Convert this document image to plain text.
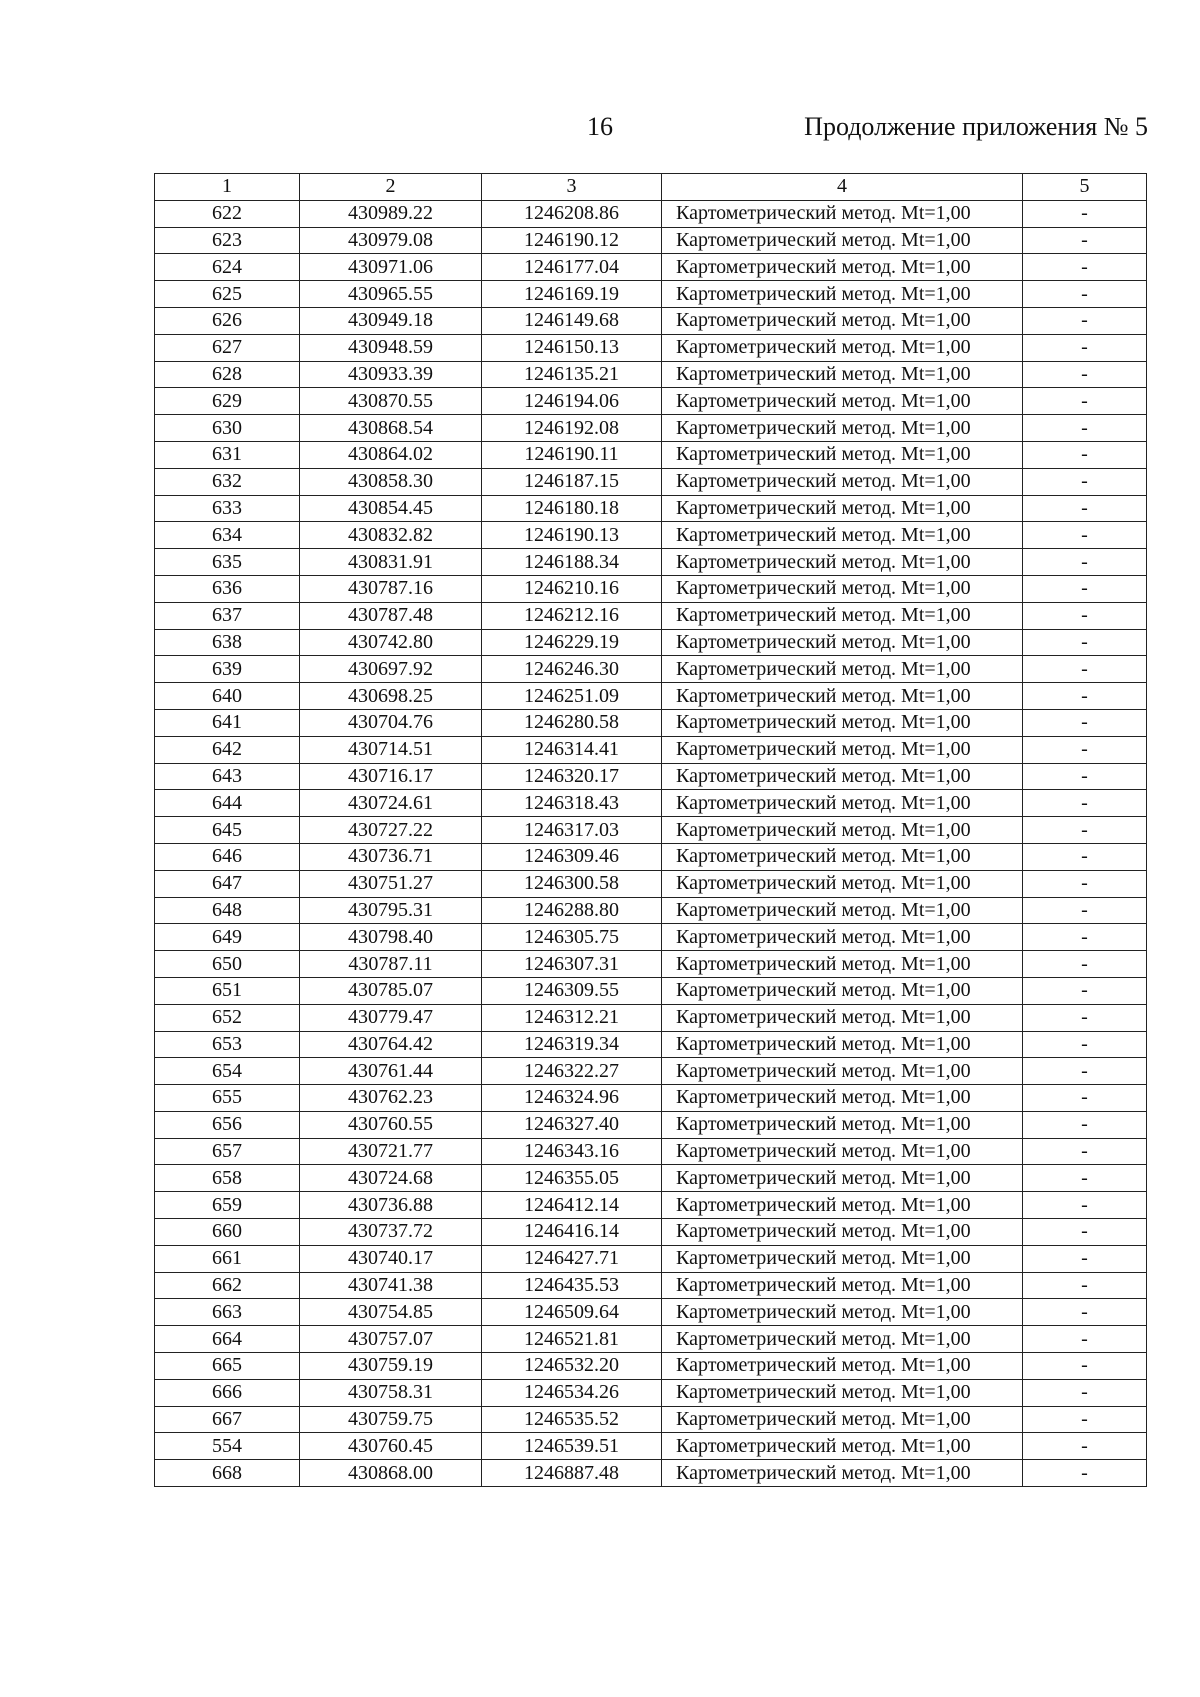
16	Продолжение приложения № 5
1	2	3	4	5
622	430989.22	1246208.86	Картометрический метод. Mt=1,00	-
623	430979.08	1246190.12	Картометрический метод. Mt=1,00	-
624	430971.06	1246177.04	Картометрический метод. Mt=1,00	-
625	430965.55	1246169.19	Картометрический метод. Mt=1,00	-
626	430949.18	1246149.68	Картометрический метод. Mt=1,00	-
627	430948.59	1246150.13	Картометрический метод. Mt=1,00	-
628	430933.39	1246135.21	Картометрический метод. Mt=1,00	-
629	430870.55	1246194.06	Картометрический метод. Mt=1,00	-
630	430868.54	1246192.08	Картометрический метод. Mt=1,00	-
631	430864.02	1246190.11	Картометрический метод. Mt=1,00	-
632	430858.30	1246187.15	Картометрический метод. Mt=1,00	-
633	430854.45	1246180.18	Картометрический метод. Mt=1,00	-
634	430832.82	1246190.13	Картометрический метод. Mt=1,00	-
635	430831.91	1246188.34	Картометрический метод. Mt=1,00	-
636	430787.16	1246210.16	Картометрический метод. Mt=1,00	-
637	430787.48	1246212.16	Картометрический метод. Mt=1,00	-
638	430742.80	1246229.19	Картометрический метод. Mt=1,00	-
639	430697.92	1246246.30	Картометрический метод. Mt=1,00	-
640	430698.25	1246251.09	Картометрический метод. Mt=1,00	-
641	430704.76	1246280.58	Картометрический метод. Mt=1,00	-
642	430714.51	1246314.41	Картометрический метод. Mt=1,00	-
643	430716.17	1246320.17	Картометрический метод. Mt=1,00	-
644	430724.61	1246318.43	Картометрический метод. Mt=1,00	-
645	430727.22	1246317.03	Картометрический метод. Mt=1,00	-
646	430736.71	1246309.46	Картометрический метод. Mt=1,00	-
647	430751.27	1246300.58	Картометрический метод. Mt=1,00	-
648	430795.31	1246288.80	Картометрический метод. Mt=1,00	-
649	430798.40	1246305.75	Картометрический метод. Mt=1,00	-
650	430787.11	1246307.31	Картометрический метод. Mt=1,00	-
651	430785.07	1246309.55	Картометрический метод. Mt=1,00	-
652	430779.47	1246312.21	Картометрический метод. Mt=1,00	-
653	430764.42	1246319.34	Картометрический метод. Mt=1,00	-
654	430761.44	1246322.27	Картометрический метод. Mt=1,00	-
655	430762.23	1246324.96	Картометрический метод. Mt=1,00	-
656	430760.55	1246327.40	Картометрический метод. Mt=1,00	-
657	430721.77	1246343.16	Картометрический метод. Mt=1,00	-
658	430724.68	1246355.05	Картометрический метод. Mt=1,00	-
659	430736.88	1246412.14	Картометрический метод. Mt=1,00	-
660	430737.72	1246416.14	Картометрический метод. Mt=1,00	-
661	430740.17	1246427.71	Картометрический метод. Mt=1,00	-
662	430741.38	1246435.53	Картометрический метод. Mt=1,00	-
663	430754.85	1246509.64	Картометрический метод. Mt=1,00	-
664	430757.07	1246521.81	Картометрический метод. Mt=1,00	-
665	430759.19	1246532.20	Картометрический метод. Mt=1,00	-
666	430758.31	1246534.26	Картометрический метод. Mt=1,00	-
667	430759.75	1246535.52	Картометрический метод. Mt=1,00	-
554	430760.45	1246539.51	Картометрический метод. Mt=1,00	-
668	430868.00	1246887.48	Картометрический метод. Mt=1,00	-
